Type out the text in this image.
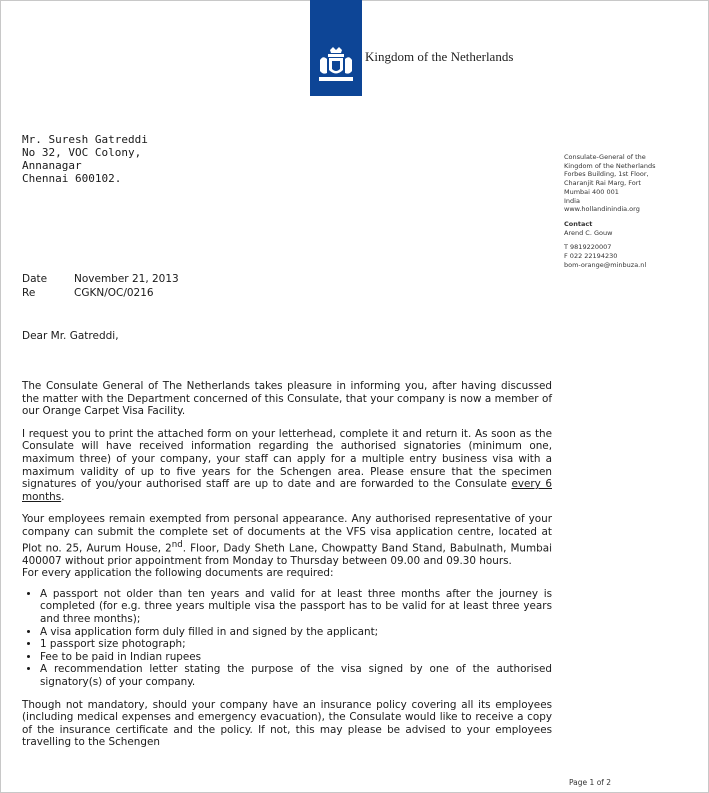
Kingdom of the Netherlands
Mr. Suresh Gatreddi
No 32, VOC Colony,
Annanagar
Chennai 600102.
Consulate-General of the
Kingdom of the Netherlands
Forbes Building, 1st Floor,
Charanjit Rai Marg, Fort
Mumbai 400 001
India
www.hollandinindia.org
Contact
Arend C. Gouw
T 9819220007
F 022 22194230
bom-orange@minbuza.nl
Date	November 21, 2013
Re	CGKN/OC/0216
Dear Mr. Gatreddi,

The Consulate General of The Netherlands takes pleasure in informing you, after having discussed the matter with the Department concerned of this Consulate, that your company is now a member of our Orange Carpet Visa Facility.

I request you to print the attached form on your letterhead, complete it and return it. As soon as the Consulate will have received information regarding the authorised signatories (minimum one, maximum three) of your company, your staff can apply for a multiple entry business visa with a maximum validity of up to five years for the Schengen area. Please ensure that the specimen signatures of you/your authorised staff are up to date and are forwarded to the Consulate every 6 months.

Your employees remain exempted from personal appearance. Any authorised representative of your company can submit the complete set of documents at the VFS visa application centre, located at Plot no. 25, Aurum House, 2nd. Floor, Dady Sheth Lane, Chowpatty Band Stand, Babulnath, Mumbai 400007 without prior appointment from Monday to Thursday between 09.00 and 09.30 hours.
For every application the following documents are required:

• A passport not older than ten years and valid for at least three months after the journey is completed (for e.g. three years multiple visa the passport has to be valid for at least three years and three months);
• A visa application form duly filled in and signed by the applicant;
• 1 passport size photograph;
• Fee to be paid in Indian rupees
• A recommendation letter stating the purpose of the visa signed by one of the authorised signatory(s) of your company.

Though not mandatory, should your company have an insurance policy covering all its employees (including medical expenses and emergency evacuation), the Consulate would like to receive a copy of the insurance certificate and the policy. If not, this may please be advised to your employees travelling to the Schengen

Page 1 of 2
